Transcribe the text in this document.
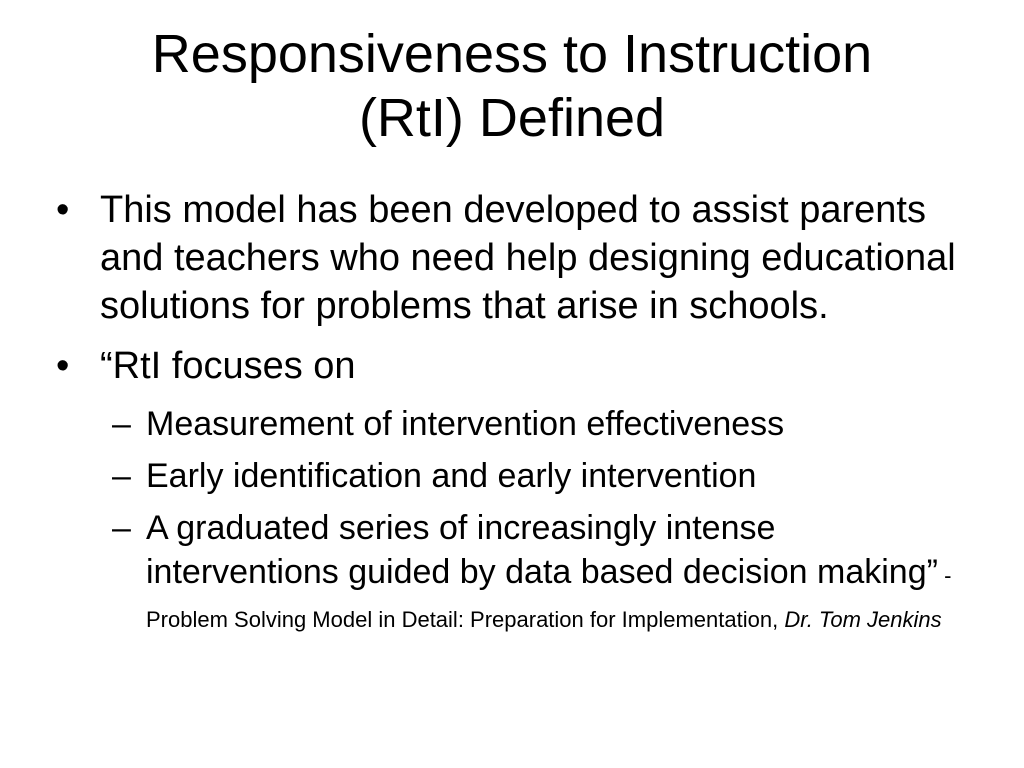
Responsiveness to Instruction
(RtI) Defined
• This model has been developed to assist parents and teachers who need help designing educational solutions for problems that arise in schools.
• “RtI focuses on
– Measurement of intervention effectiveness
– Early identification and early intervention
– A graduated series of increasingly intense interventions guided by data based decision making” - Problem Solving Model in Detail: Preparation for Implementation, Dr. Tom Jenkins
